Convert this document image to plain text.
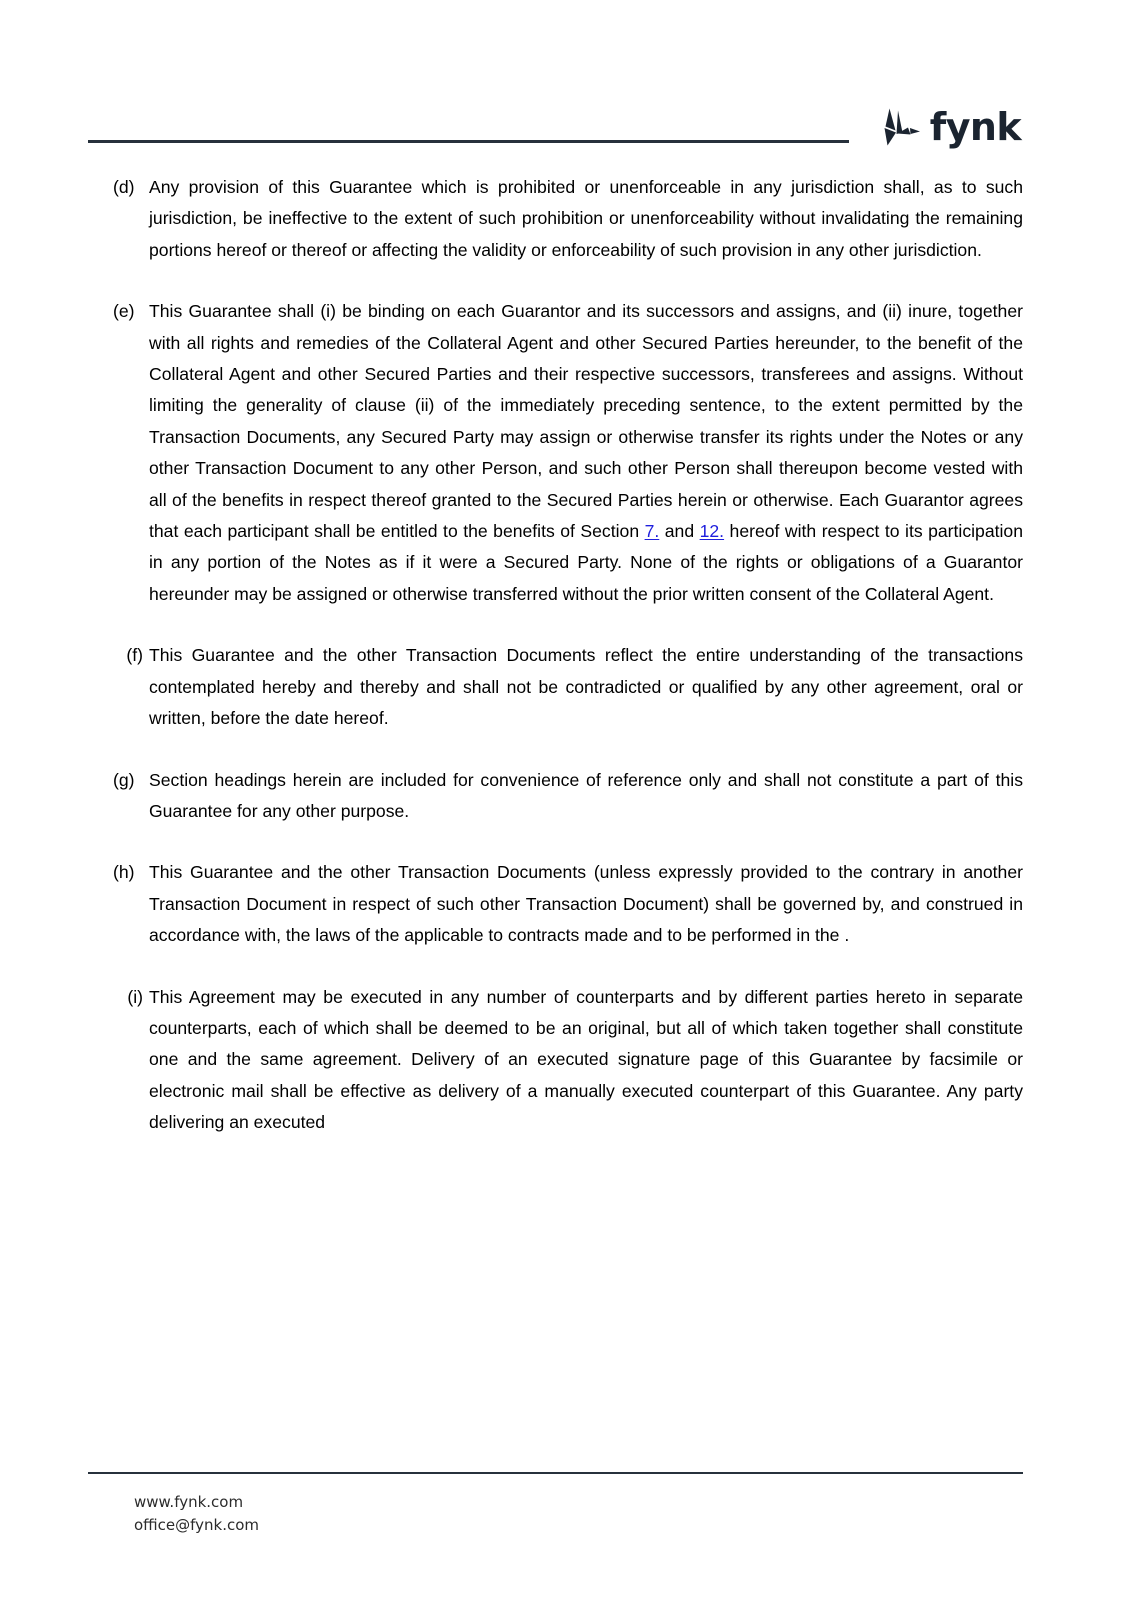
fynk
(d) Any provision of this Guarantee which is prohibited or unenforceable in any jurisdiction shall, as to such jurisdiction, be ineffective to the extent of such prohibition or unenforceability without invalidating the remaining portions hereof or thereof or affecting the validity or enforceability of such provision in any other jurisdiction.
(e) This Guarantee shall (i) be binding on each Guarantor and its successors and assigns, and (ii) inure, together with all rights and remedies of the Collateral Agent and other Secured Parties hereunder, to the benefit of the Collateral Agent and other Secured Parties and their respective successors, transferees and assigns. Without limiting the generality of clause (ii) of the immediately preceding sentence, to the extent permitted by the Transaction Documents, any Secured Party may assign or otherwise transfer its rights under the Notes or any other Transaction Document to any other Person, and such other Person shall thereupon become vested with all of the benefits in respect thereof granted to the Secured Parties herein or otherwise. Each Guarantor agrees that each participant shall be entitled to the benefits of Section 7. and 12. hereof with respect to its participation in any portion of the Notes as if it were a Secured Party. None of the rights or obligations of a Guarantor hereunder may be assigned or otherwise transferred without the prior written consent of the Collateral Agent.
(f) This Guarantee and the other Transaction Documents reflect the entire understanding of the transactions contemplated hereby and thereby and shall not be contradicted or qualified by any other agreement, oral or written, before the date hereof.
(g) Section headings herein are included for convenience of reference only and shall not constitute a part of this Guarantee for any other purpose.
(h) This Guarantee and the other Transaction Documents (unless expressly provided to the contrary in another Transaction Document in respect of such other Transaction Document) shall be governed by, and construed in accordance with, the laws of the applicable to contracts made and to be performed in the .
(i) This Agreement may be executed in any number of counterparts and by different parties hereto in separate counterparts, each of which shall be deemed to be an original, but all of which taken together shall constitute one and the same agreement. Delivery of an executed signature page of this Guarantee by facsimile or electronic mail shall be effective as delivery of a manually executed counterpart of this Guarantee. Any party delivering an executed
www.fynk.com
office@fynk.com
